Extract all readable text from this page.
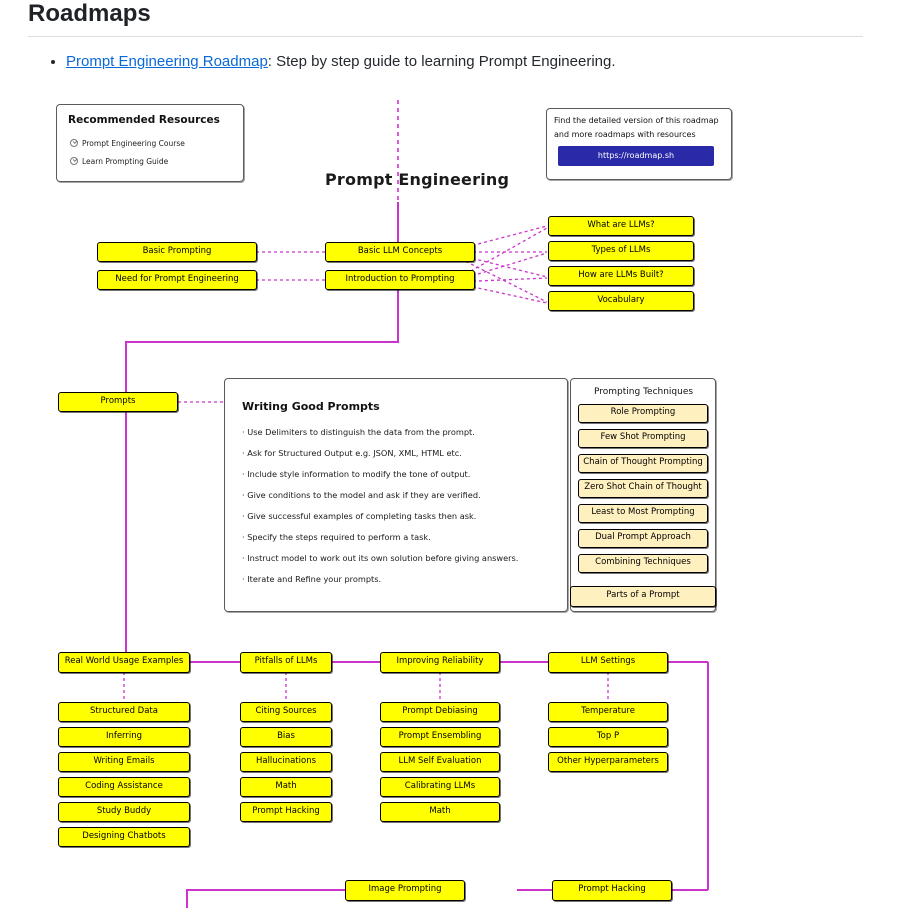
Roadmaps
• Prompt Engineering Roadmap: Step by step guide to learning Prompt Engineering.
Recommended Resources
Prompt Engineering Course
Learn Prompting Guide
Find the detailed version of this roadmap
and more roadmaps with resources
https://roadmap.sh
Prompt Engineering
Basic Prompting
Need for Prompt Engineering
Basic LLM Concepts
Introduction to Prompting
What are LLMs?
Types of LLMs
How are LLMs Built?
Vocabulary
Prompts	Writing Good Prompts
· Use Delimiters to distinguish the data from the prompt.
· Ask for Structured Output e.g. JSON, XML, HTML etc.
· Include style information to modify the tone of output.
· Give conditions to the model and ask if they are verified.
· Give successful examples of completing tasks then ask.
· Specify the steps required to perform a task.
· Instruct model to work out its own solution before giving answers.
· Iterate and Refine your prompts.
Prompting Techniques
Role Prompting
Few Shot Prompting
Chain of Thought Prompting
Zero Shot Chain of Thought
Least to Most Prompting
Dual Prompt Approach
Combining Techniques
Parts of a Prompt
Real World Usage Examples
Structured Data
Inferring
Writing Emails
Coding Assistance
Study Buddy
Designing Chatbots
Pitfalls of LLMs
Citing Sources
Bias
Hallucinations
Math
Prompt Hacking
Improving Reliability
Prompt Debiasing
Prompt Ensembling
LLM Self Evaluation
Calibrating LLMs
Math
LLM Settings
Temperature
Top P
Other Hyperparameters
Image Prompting	Prompt Hacking
